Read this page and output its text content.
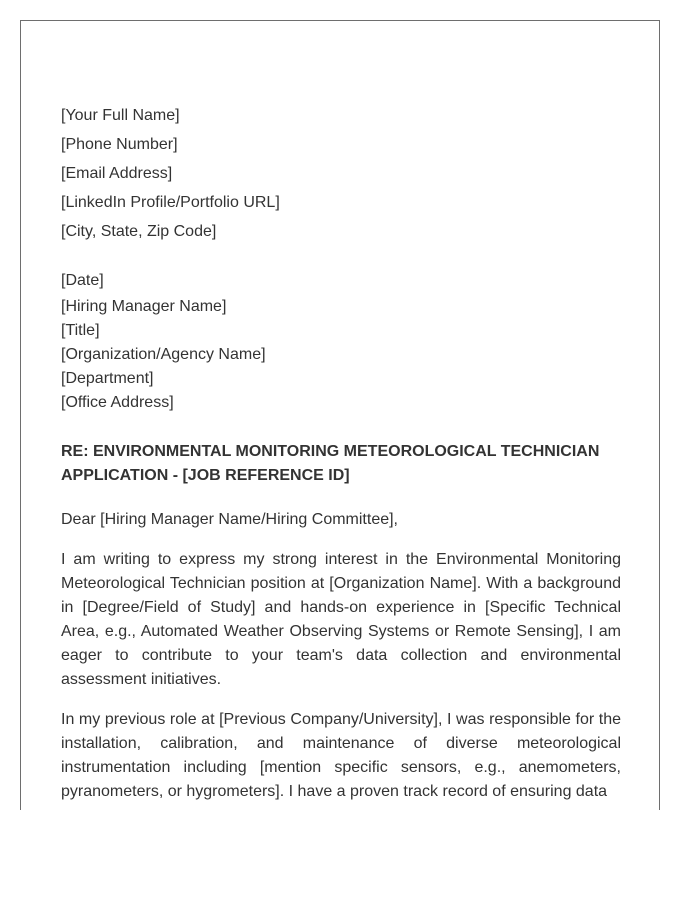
[Your Full Name]
[Phone Number]
[Email Address]
[LinkedIn Profile/Portfolio URL]
[City, State, Zip Code]
[Date]
[Hiring Manager Name]
[Title]
[Organization/Agency Name]
[Department]
[Office Address]
RE: ENVIRONMENTAL MONITORING METEOROLOGICAL TECHNICIAN APPLICATION - [JOB REFERENCE ID]
Dear [Hiring Manager Name/Hiring Committee],

I am writing to express my strong interest in the Environmental Monitoring Meteorological Technician position at [Organization Name]. With a background in [Degree/Field of Study] and hands-on experience in [Specific Technical Area, e.g., Automated Weather Observing Systems or Remote Sensing], I am eager to contribute to your team's data collection and environmental assessment initiatives.

In my previous role at [Previous Company/University], I was responsible for the installation, calibration, and maintenance of diverse meteorological instrumentation including [mention specific sensors, e.g., anemometers, pyranometers, or hygrometers]. I have a proven track record of ensuring data
